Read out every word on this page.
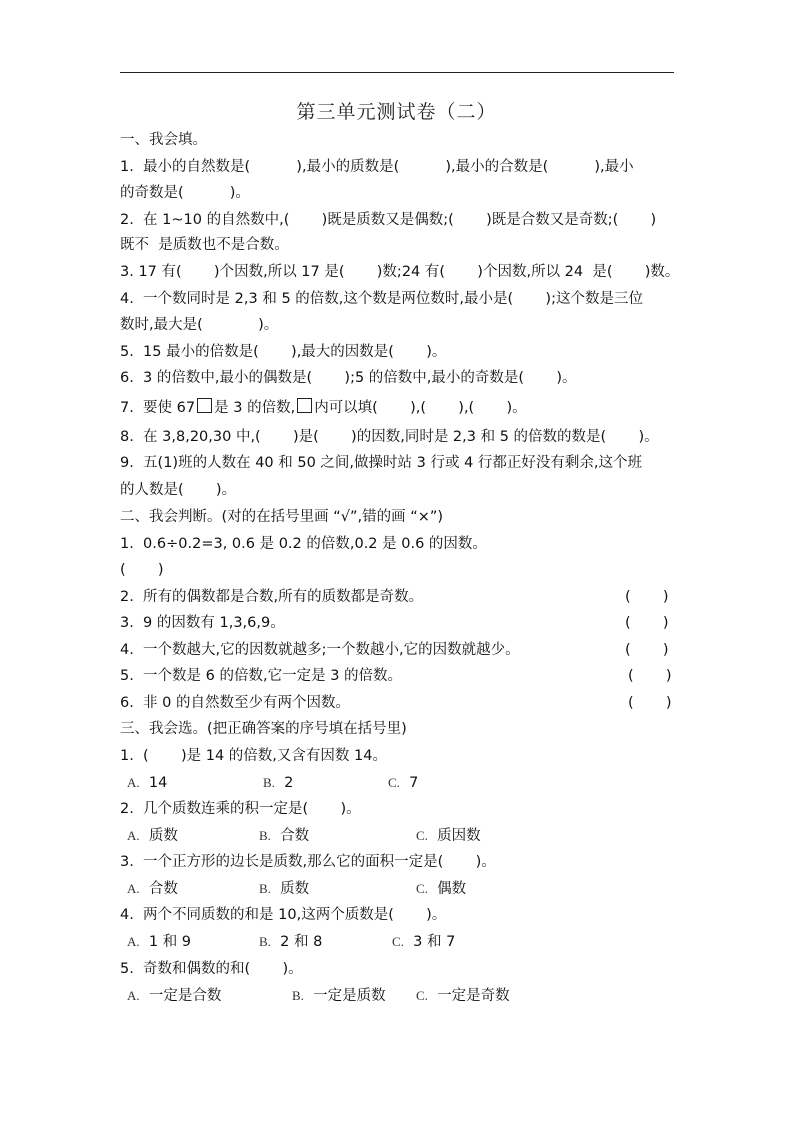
第三单元测试卷（二）
一、我会填。
1.  最小的自然数是(          ),最小的质数是(          ),最小的合数是(          ),最小
的奇数是(          )。
2.  在 1~10 的自然数中,(       )既是质数又是偶数;(       )既是合数又是奇数;(       )
既不  是质数也不是合数。
3. 17 有(       )个因数,所以 17 是(       )数;24 有(       )个因数,所以 24  是(       )数。
4.  一个数同时是 2,3 和 5 的倍数,这个数是两位数时,最小是(       );这个数是三位
数时,最大是(            )。
5.  15 最小的倍数是(       ),最大的因数是(       )。
6.  3 的倍数中,最小的偶数是(       );5 的倍数中,最小的奇数是(       )。
7.  要使 67 是 3 的倍数, 内可以填(       ),(       ),(       )。
8.  在 3,8,20,30 中,(       )是(       )的因数,同时是 2,3 和 5 的倍数的数是(       )。
9.  五(1)班的人数在 40 和 50 之间,做操时站 3 行或 4 行都正好没有剩余,这个班
的人数是(       )。
二、我会判断。(对的在括号里画 “√”,错的画 “×”)
1.  0.6÷0.2=3, 0.6 是 0.2 的倍数,0.2 是 0.6 的因数。
(       )
2.  所有的偶数都是合数,所有的质数都是奇数。	(       )
3.  9 的因数有 1,3,6,9。	(       )
4.  一个数越大,它的因数就越多;一个数越小,它的因数就越少。	(       )
5.  一个数是 6 的倍数,它一定是 3 的倍数。	(       )
6.  非 0 的自然数至少有两个因数。	(       )
三、我会选。(把正确答案的序号填在括号里)
1.  (       )是 14 的倍数,又含有因数 14。
A. 14	B. 2	C. 7
2.  几个质数连乘的积一定是(       )。
A. 质数	B. 合数	C. 质因数
3.  一个正方形的边长是质数,那么它的面积一定是(       )。
A. 合数	B. 质数	C. 偶数
4.  两个不同质数的和是 10,这两个质数是(       )。
A. 1 和 9	B. 2 和 8	C. 3 和 7
5.  奇数和偶数的和(       )。
A. 一定是合数	B. 一定是质数 C. 一定是奇数
